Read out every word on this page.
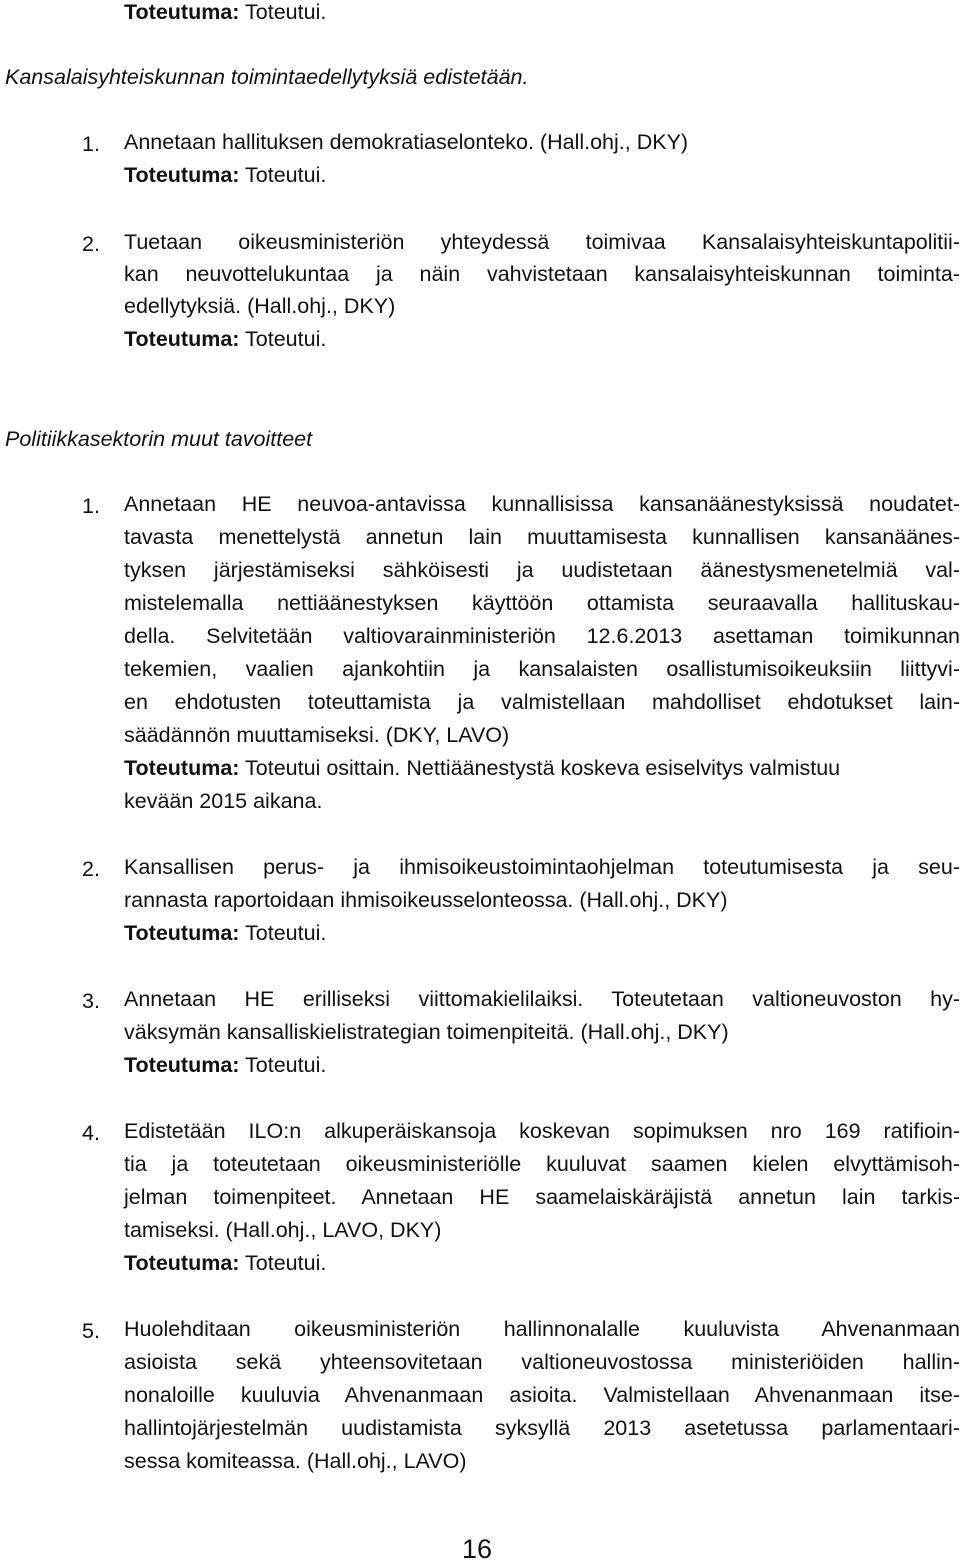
Toteutuma: Toteutui.
Kansalaisyhteiskunnan toimintaedellytyksiä edistetään.
1. Annetaan hallituksen demokratiaselonteko. (Hall.ohj., DKY)
Toteutuma: Toteutui.
2. Tuetaan oikeusministeriön yhteydessä toimivaa Kansalaisyhteiskuntapolitii-
kan neuvottelukuntaa ja näin vahvistetaan kansalaisyhteiskunnan toiminta-
edellytyksiä. (Hall.ohj., DKY)
Toteutuma: Toteutui.
Politiikkasektorin muut tavoitteet
1. Annetaan HE neuvoa-antavissa kunnallisissa kansanäänestyksissä noudatet-
tavasta menettelystä annetun lain muuttamisesta kunnallisen kansanäänes-
tyksen järjestämiseksi sähköisesti ja uudistetaan äänestysmenetelmiä val-
mistelemalla nettiäänestyksen käyttöön ottamista seuraavalla hallituskau-
della. Selvitetään valtiovarainministeriön 12.6.2013 asettaman toimikunnan
tekemien, vaalien ajankohtiin ja kansalaisten osallistumisoikeuksiin liittyvi-
en ehdotusten toteuttamista ja valmistellaan mahdolliset ehdotukset lain-
säädännön muuttamiseksi. (DKY, LAVO)
Toteutuma: Toteutui osittain. Nettiäänestystä koskeva esiselvitys valmistuu
kevään 2015 aikana.
2. Kansallisen perus- ja ihmisoikeustoimintaohjelman toteutumisesta ja seu-
rannasta raportoidaan ihmisoikeusselonteossa. (Hall.ohj., DKY)
Toteutuma: Toteutui.
3. Annetaan HE erilliseksi viittomakielilaiksi. Toteutetaan valtioneuvoston hy-
väksymän kansalliskielistrategian toimenpiteitä. (Hall.ohj., DKY)
Toteutuma: Toteutui.
4. Edistetään ILO:n alkuperäiskansoja koskevan sopimuksen nro 169 ratifioin-
tia ja toteutetaan oikeusministeriölle kuuluvat saamen kielen elvyttämisoh-
jelman toimenpiteet. Annetaan HE saamelaiskäräjistä annetun lain tarkis-
tamiseksi. (Hall.ohj., LAVO, DKY)
Toteutuma: Toteutui.
5. Huolehditaan oikeusministeriön hallinnonalalle kuuluvista Ahvenanmaan
asioista sekä yhteensovitetaan valtioneuvostossa ministeriöiden hallin-
nonaloille kuuluvia Ahvenanmaan asioita. Valmistellaan Ahvenanmaan itse-
hallintojärjestelmän uudistamista syksyllä 2013 asetetussa parlamentaari-
sessa komiteassa. (Hall.ohj., LAVO)
16
